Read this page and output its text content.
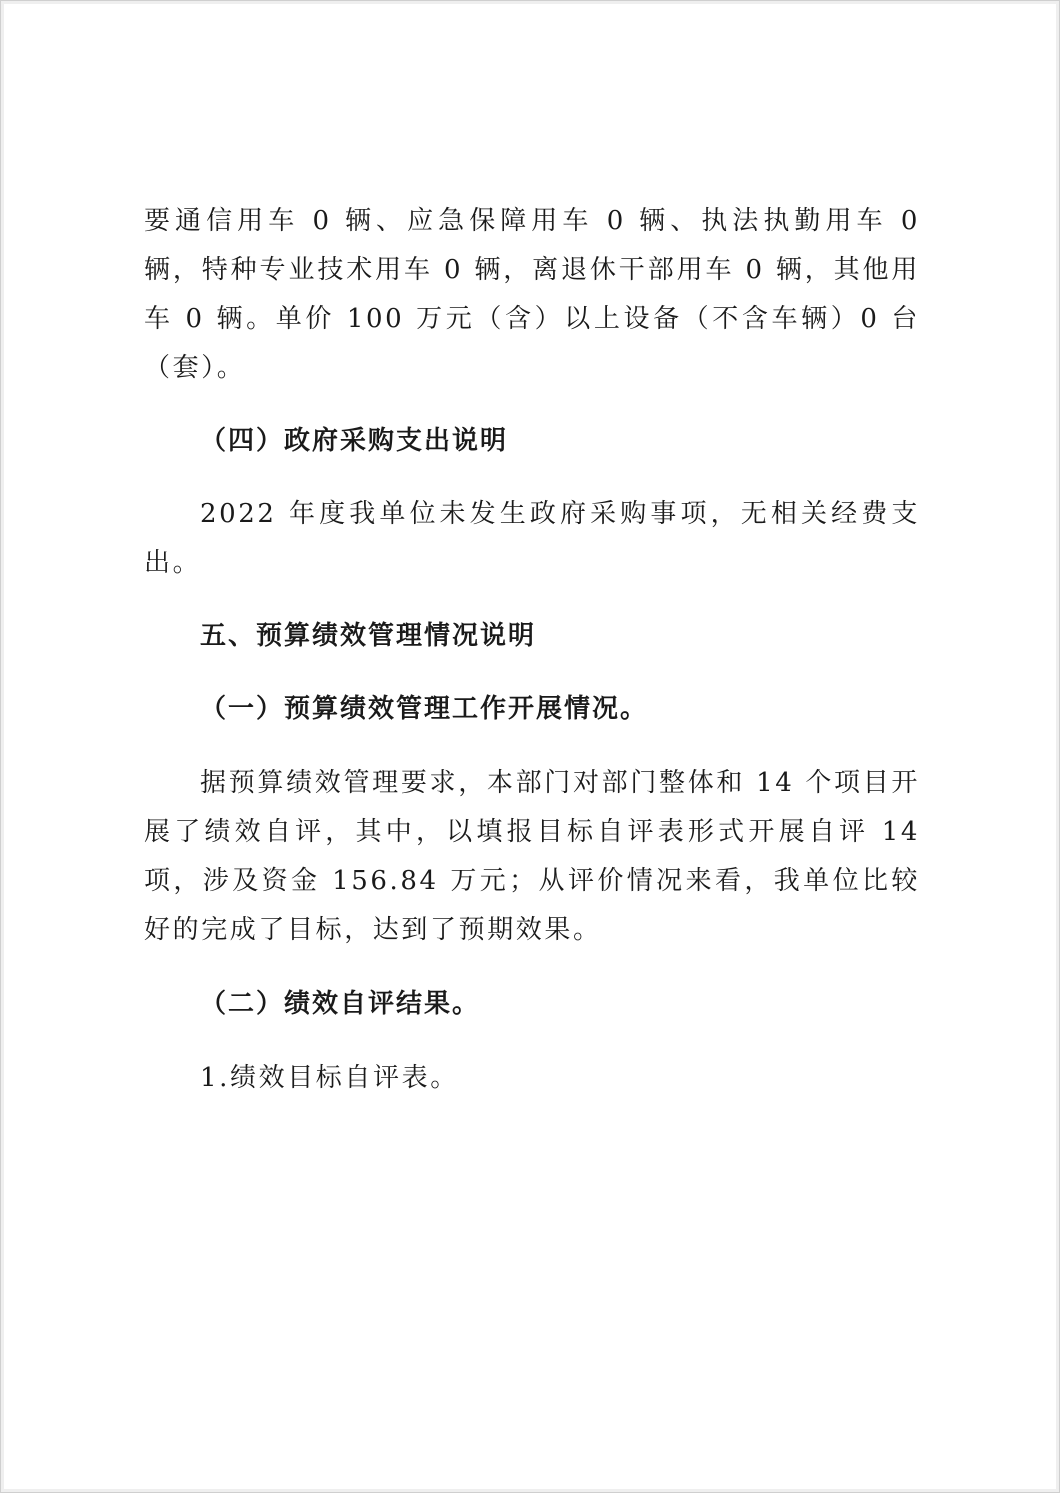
要通信用车 0 辆、应急保障用车 0 辆、执法执勤用车 0 辆，特种专业技术用车 0 辆，离退休干部用车 0 辆，其他用车 0 辆。单价 100 万元（含）以上设备（不含车辆）0 台（套）。

（四）政府采购支出说明

2022 年度我单位未发生政府采购事项，无相关经费支出。

五、预算绩效管理情况说明

（一）预算绩效管理工作开展情况。

据预算绩效管理要求，本部门对部门整体和 14 个项目开展了绩效自评，其中，以填报目标自评表形式开展自评 14 项，涉及资金 156.84 万元；从评价情况来看，我单位比较好的完成了目标，达到了预期效果。

（二）绩效自评结果。

1.绩效目标自评表。
